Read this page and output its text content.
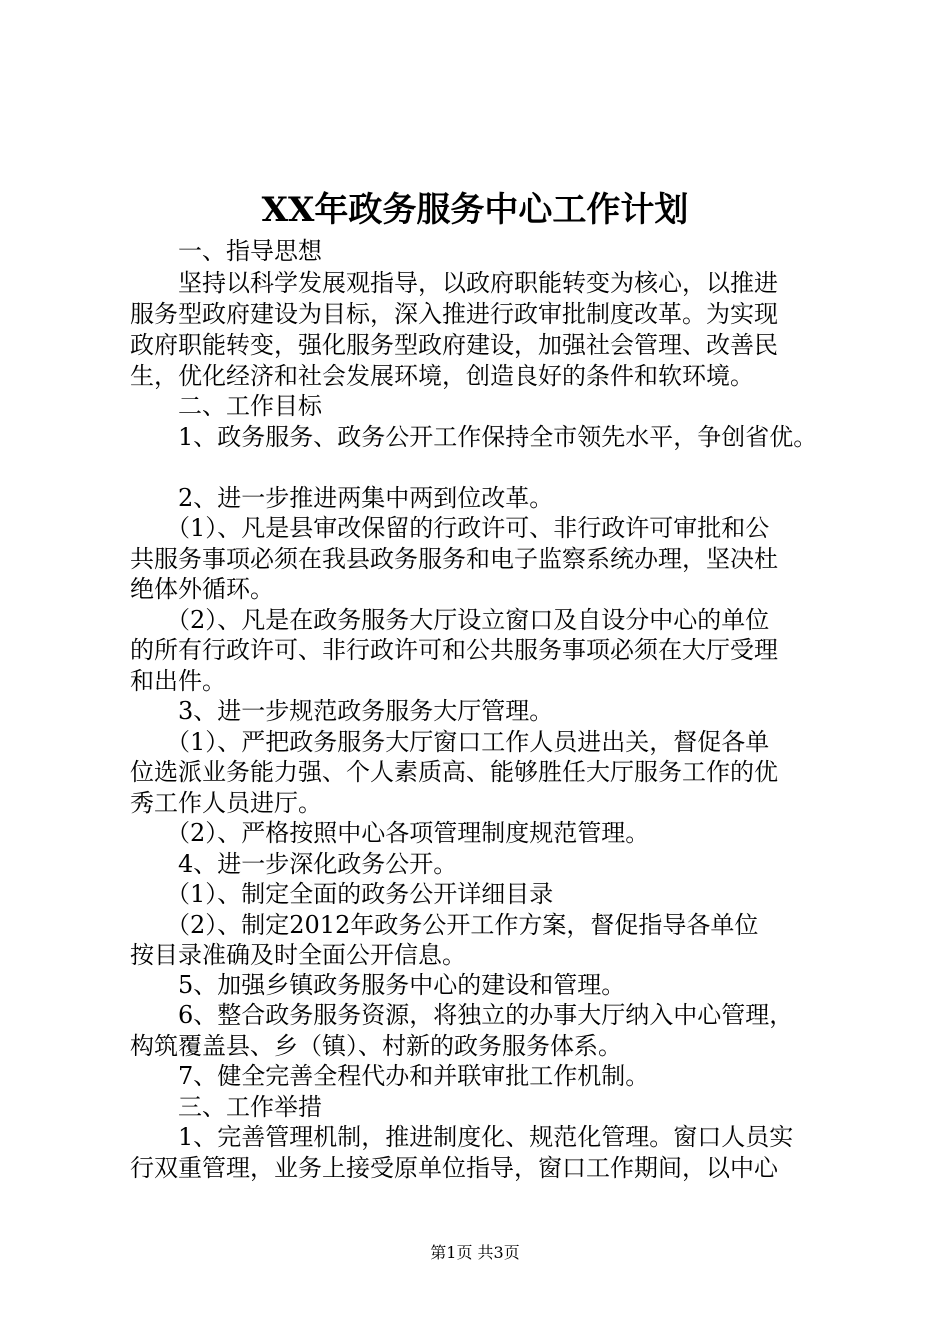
XX年政务服务中心工作计划
　　一、指导思想
　　坚持以科学发展观指导，以政府职能转变为核心，以推进
服务型政府建设为目标，深入推进行政审批制度改革。为实现
政府职能转变，强化服务型政府建设，加强社会管理、改善民
生，优化经济和社会发展环境，创造良好的条件和软环境。
　　二、工作目标
　　1、政务服务、政务公开工作保持全市领先水平，争创省优。
　　2、进一步推进两集中两到位改革。
　　（1）、凡是县审改保留的行政许可、非行政许可审批和公
共服务事项必须在我县政务服务和电子监察系统办理，坚决杜
绝体外循环。
　　（2）、凡是在政务服务大厅设立窗口及自设分中心的单位
的所有行政许可、非行政许可和公共服务事项必须在大厅受理
和出件。
　　3、进一步规范政务服务大厅管理。
　　（1）、严把政务服务大厅窗口工作人员进出关，督促各单
位选派业务能力强、个人素质高、能够胜任大厅服务工作的优
秀工作人员进厅。
　　（2）、严格按照中心各项管理制度规范管理。
　　4、进一步深化政务公开。
　　（1）、制定全面的政务公开详细目录
　　（2）、制定2012年政务公开工作方案，督促指导各单位
按目录准确及时全面公开信息。
　　5、加强乡镇政务服务中心的建设和管理。
　　6、整合政务服务资源，将独立的办事大厅纳入中心管理，
构筑覆盖县、乡（镇）、村新的政务服务体系。
　　7、健全完善全程代办和并联审批工作机制。
　　三、工作举措
　　1、完善管理机制，推进制度化、规范化管理。窗口人员实
行双重管理，业务上接受原单位指导，窗口工作期间，以中心
第1页 共3页
